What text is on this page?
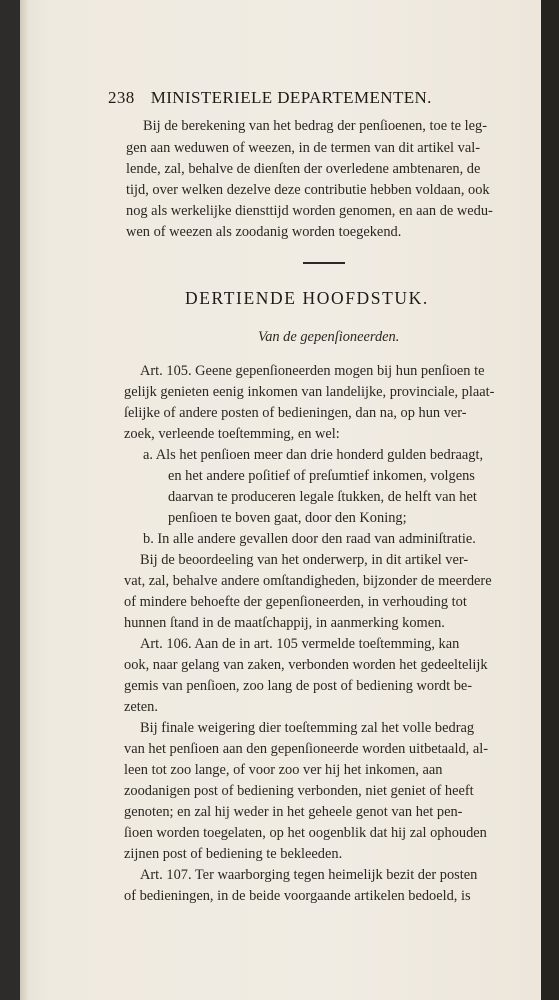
238 MINISTERIELE DEPARTEMENTEN.
Bij de berekening van het bedrag der penſioenen, toe te leg-
gen aan weduwen of weezen, in de termen van dit artikel val-
lende, zal, behalve de dienſten der overledene ambtenaren, de
tijd, over welken dezelve deze contributie hebben voldaan, ook
nog als werkelijke diensttijd worden genomen, en aan de wedu-
wen of weezen als zoodanig worden toegekend.
DERTIENDE HOOFDSTUK.
Van de gepenſioneerden.
Art. 105. Geene gepenſioneerden mogen bij hun penſioen te
gelijk genieten eenig inkomen van landelijke, provinciale, plaat-
ſelijke of andere posten of bedieningen, dan na, op hun ver-
zoek, verleende toeſtemming, en wel:
a. Als het penſioen meer dan drie honderd gulden bedraagt,
en het andere poſitief of preſumtief inkomen, volgens
daarvan te produceren legale ſtukken, de helft van het
penſioen te boven gaat, door den Koning;
b. In alle andere gevallen door den raad van adminiſtratie.
Bij de beoordeeling van het onderwerp, in dit artikel ver-
vat, zal, behalve andere omſtandigheden, bijzonder de meerdere
of mindere behoefte der gepenſioneerden, in verhouding tot
hunnen ſtand in de maatſchappij, in aanmerking komen.
Art. 106. Aan de in art. 105 vermelde toeſtemming, kan
ook, naar gelang van zaken, verbonden worden het gedeeltelijk
gemis van penſioen, zoo lang de post of bediening wordt be-
zeten.
Bij finale weigering dier toeſtemming zal het volle bedrag
van het penſioen aan den gepenſioneerde worden uitbetaald, al-
leen tot zoo lange, of voor zoo ver hij het inkomen, aan
zoodanigen post of bediening verbonden, niet geniet of heeft
genoten; en zal hij weder in het geheele genot van het pen-
ſioen worden toegelaten, op het oogenblik dat hij zal ophouden
zijnen post of bediening te bekleeden.
Art. 107. Ter waarborging tegen heimelijk bezit der posten
of bedieningen, in de beide voorgaande artikelen bedoeld, is
